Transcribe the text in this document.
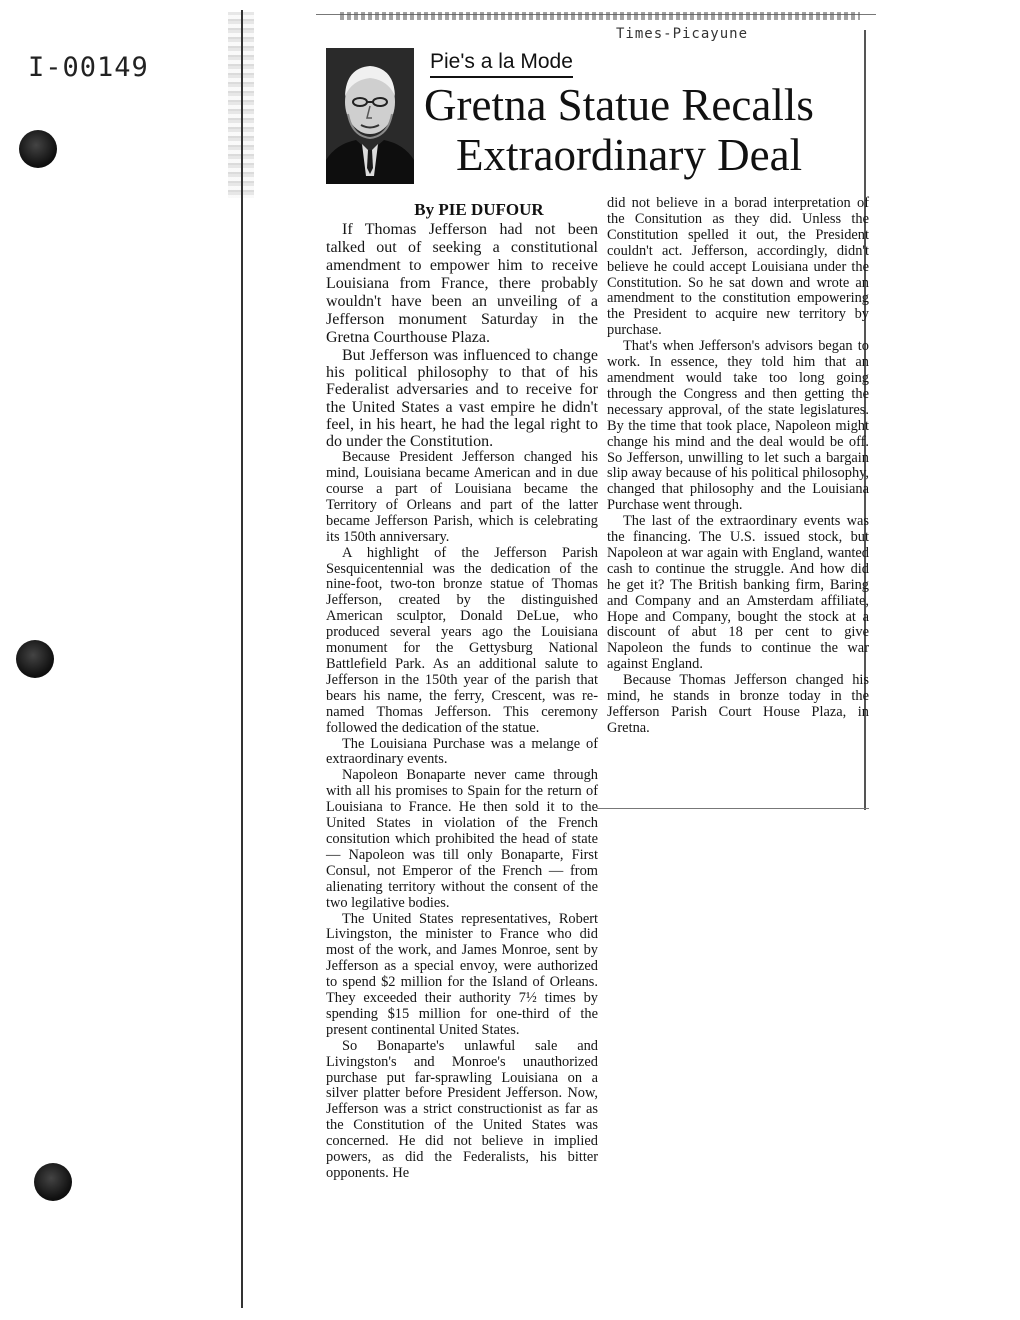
I-00149
Times-Picayune
Pie's a la Mode
Gretna Statue Recalls
Extraordinary Deal
By PIE DUFOUR

If Thomas Jefferson had not been talked out of seeking a constitutional amendment to empower him to receive Louisiana from France, there probably wouldn't have been an unveiling of a Jefferson monument Saturday in the Gretna Courthouse Plaza.

But Jefferson was influenced to change his political philosophy to that of his Federalist adversaries and to receive for the United States a vast empire he didn't feel, in his heart, he had the legal right to do under the Constitution.

Because President Jefferson changed his mind, Louisiana became American and in due course a part of Louisiana became the Territory of Orleans and part of the latter became Jefferson Parish, which is celebrating its 150th anniversary.

A highlight of the Jefferson Parish Sesquicentennial was the dedication of the nine-foot, two-ton bronze statue of Thomas Jefferson, created by the distinguished American sculptor, Donald DeLue, who produced several years ago the Louisiana monument for the Gettysburg National Battlefield Park. As an additional salute to Jefferson in the 150th year of the parish that bears his name, the ferry, Crescent, was re-named Thomas Jefferson. This ceremony followed the dedication of the statue.

The Louisiana Purchase was a melange of extraordinary events.

Napoleon Bonaparte never came through with all his promises to Spain for the return of Louisiana to France. He then sold it to the United States in violation of the French consitution which prohibited the head of state — Napoleon was till only Bonaparte, First Consul, not Emperor of the French — from alienating territory without the consent of the two legilative bodies.

The United States representatives, Robert Livingston, the minister to France who did most of the work, and James Monroe, sent by Jefferson as a special envoy, were authorized to spend $2 million for the Island of Orleans. They exceeded their authority 7½ times by spending $15 million for one-third of the present continental United States.

So Bonaparte's unlawful sale and Livingston's and Monroe's unauthorized purchase put far-sprawling Louisiana on a silver platter before President Jefferson. Now, Jefferson was a strict constructionist as far as the Constitution of the United States was concerned. He did not believe in implied powers, as did the Federalists, his bitter opponents. He

did not believe in a borad interpretation of the Consitution as they did. Unless the Constitution spelled it out, the President couldn't act. Jefferson, accordingly, didn't believe he could accept Louisiana under the Constitution. So he sat down and wrote an amendment to the constitution empowering the President to acquire new territory by purchase.

That's when Jefferson's advisors began to work. In essence, they told him that an amendment would take too long going through the Congress and then getting the necessary approval, of the state legislatures. By the time that took place, Napoleon might change his mind and the deal would be off. So Jefferson, unwilling to let such a bargain slip away because of his political philosophy, changed that philosophy and the Louisiana Purchase went through.

The last of the extraordinary events was the financing. The U.S. issued stock, but Napoleon at war again with England, wanted cash to continue the struggle. And how did he get it? The British banking firm, Baring and Company and an Amsterdam affiliate, Hope and Company, bought the stock at a discount of abut 18 per cent to give Napoleon the funds to continue the war against England.

Because Thomas Jefferson changed his mind, he stands in bronze today in the Jefferson Parish Court House Plaza, in Gretna.
